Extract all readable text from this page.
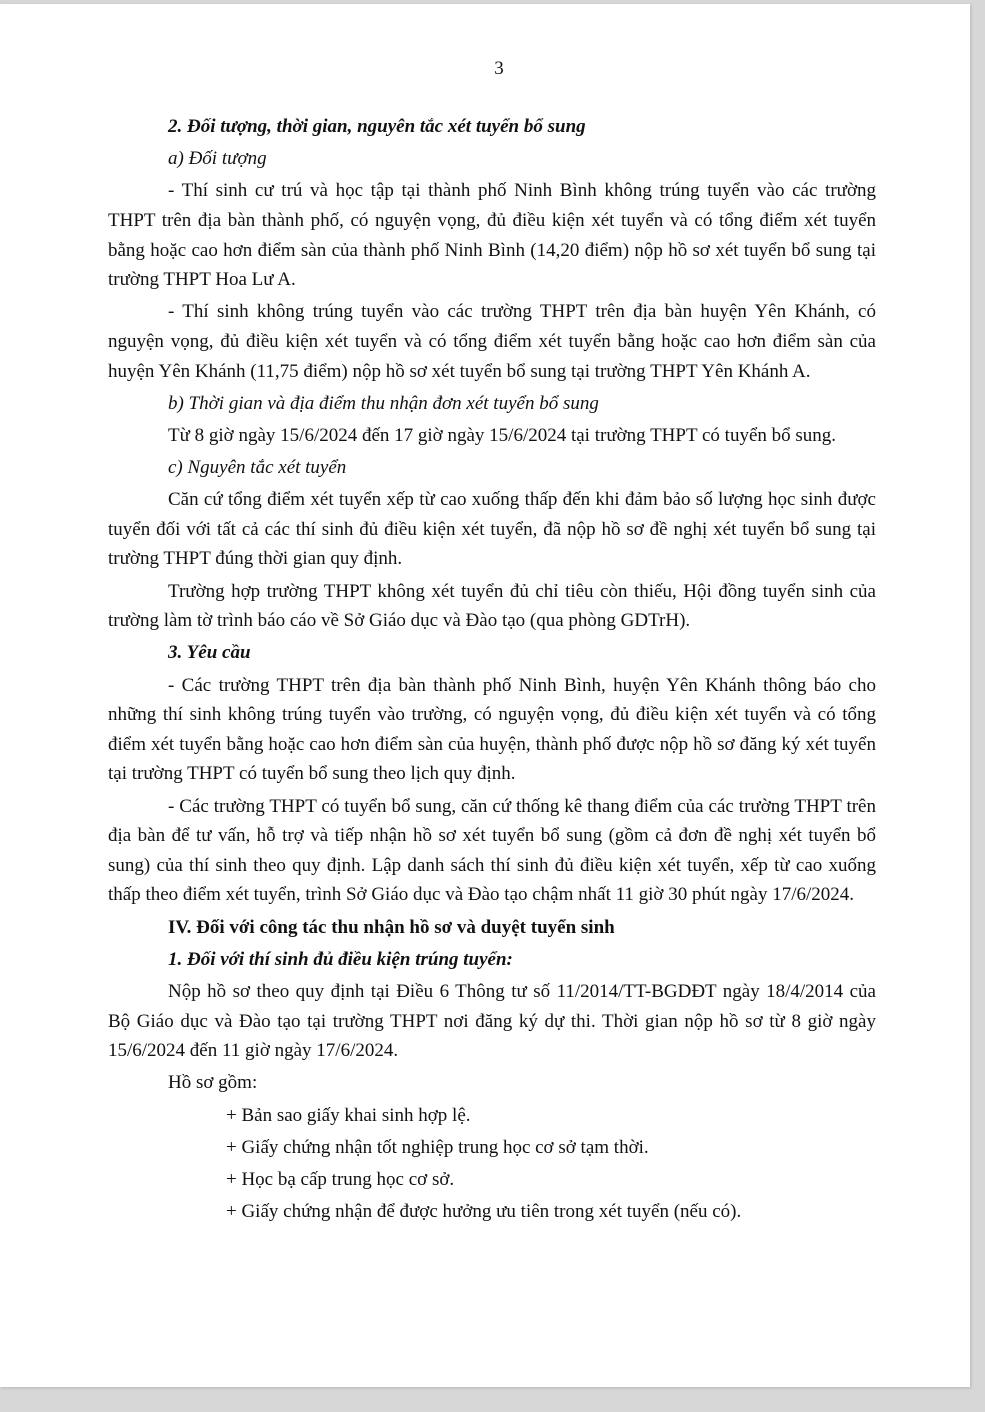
3

2. Đối tượng, thời gian, nguyên tắc xét tuyển bổ sung

a) Đối tượng

- Thí sinh cư trú và học tập tại thành phố Ninh Bình không trúng tuyển vào các trường THPT trên địa bàn thành phố, có nguyện vọng, đủ điều kiện xét tuyển và có tổng điểm xét tuyển bằng hoặc cao hơn điểm sàn của thành phố Ninh Bình (14,20 điểm) nộp hồ sơ xét tuyển bổ sung tại trường THPT Hoa Lư A.

- Thí sinh không trúng tuyển vào các trường THPT trên địa bàn huyện Yên Khánh, có nguyện vọng, đủ điều kiện xét tuyển và có tổng điểm xét tuyển bằng hoặc cao hơn điểm sàn của huyện Yên Khánh (11,75 điểm) nộp hồ sơ xét tuyển bổ sung tại trường THPT Yên Khánh A.

b) Thời gian và địa điểm thu nhận đơn xét tuyển bổ sung

Từ 8 giờ ngày 15/6/2024 đến 17 giờ ngày 15/6/2024 tại trường THPT có tuyển bổ sung.

c) Nguyên tắc xét tuyển

Căn cứ tổng điểm xét tuyển xếp từ cao xuống thấp đến khi đảm bảo số lượng học sinh được tuyển đối với tất cả các thí sinh đủ điều kiện xét tuyển, đã nộp hồ sơ đề nghị xét tuyển bổ sung tại trường THPT đúng thời gian quy định.

Trường hợp trường THPT không xét tuyển đủ chỉ tiêu còn thiếu, Hội đồng tuyển sinh của trường làm tờ trình báo cáo về Sở Giáo dục và Đào tạo (qua phòng GDTrH).

3. Yêu cầu

- Các trường THPT trên địa bàn thành phố Ninh Bình, huyện Yên Khánh thông báo cho những thí sinh không trúng tuyển vào trường, có nguyện vọng, đủ điều kiện xét tuyển và có tổng điểm xét tuyển bằng hoặc cao hơn điểm sàn của huyện, thành phố được nộp hồ sơ đăng ký xét tuyển tại trường THPT có tuyển bổ sung theo lịch quy định.

- Các trường THPT có tuyển bổ sung, căn cứ thống kê thang điểm của các trường THPT trên địa bàn để tư vấn, hỗ trợ và tiếp nhận hồ sơ xét tuyển bổ sung (gồm cả đơn đề nghị xét tuyển bổ sung) của thí sinh theo quy định. Lập danh sách thí sinh đủ điều kiện xét tuyển, xếp từ cao xuống thấp theo điểm xét tuyển, trình Sở Giáo dục và Đào tạo chậm nhất 11 giờ 30 phút ngày 17/6/2024.

IV. Đối với công tác thu nhận hồ sơ và duyệt tuyển sinh

1. Đối với thí sinh đủ điều kiện trúng tuyển:

Nộp hồ sơ theo quy định tại Điều 6 Thông tư số 11/2014/TT-BGDĐT ngày 18/4/2014 của Bộ Giáo dục và Đào tạo tại trường THPT nơi đăng ký dự thi. Thời gian nộp hồ sơ từ 8 giờ ngày 15/6/2024 đến 11 giờ ngày 17/6/2024.

Hồ sơ gồm:

+ Bản sao giấy khai sinh hợp lệ.

+ Giấy chứng nhận tốt nghiệp trung học cơ sở tạm thời.

+ Học bạ cấp trung học cơ sở.

+ Giấy chứng nhận để được hưởng ưu tiên trong xét tuyển (nếu có).
